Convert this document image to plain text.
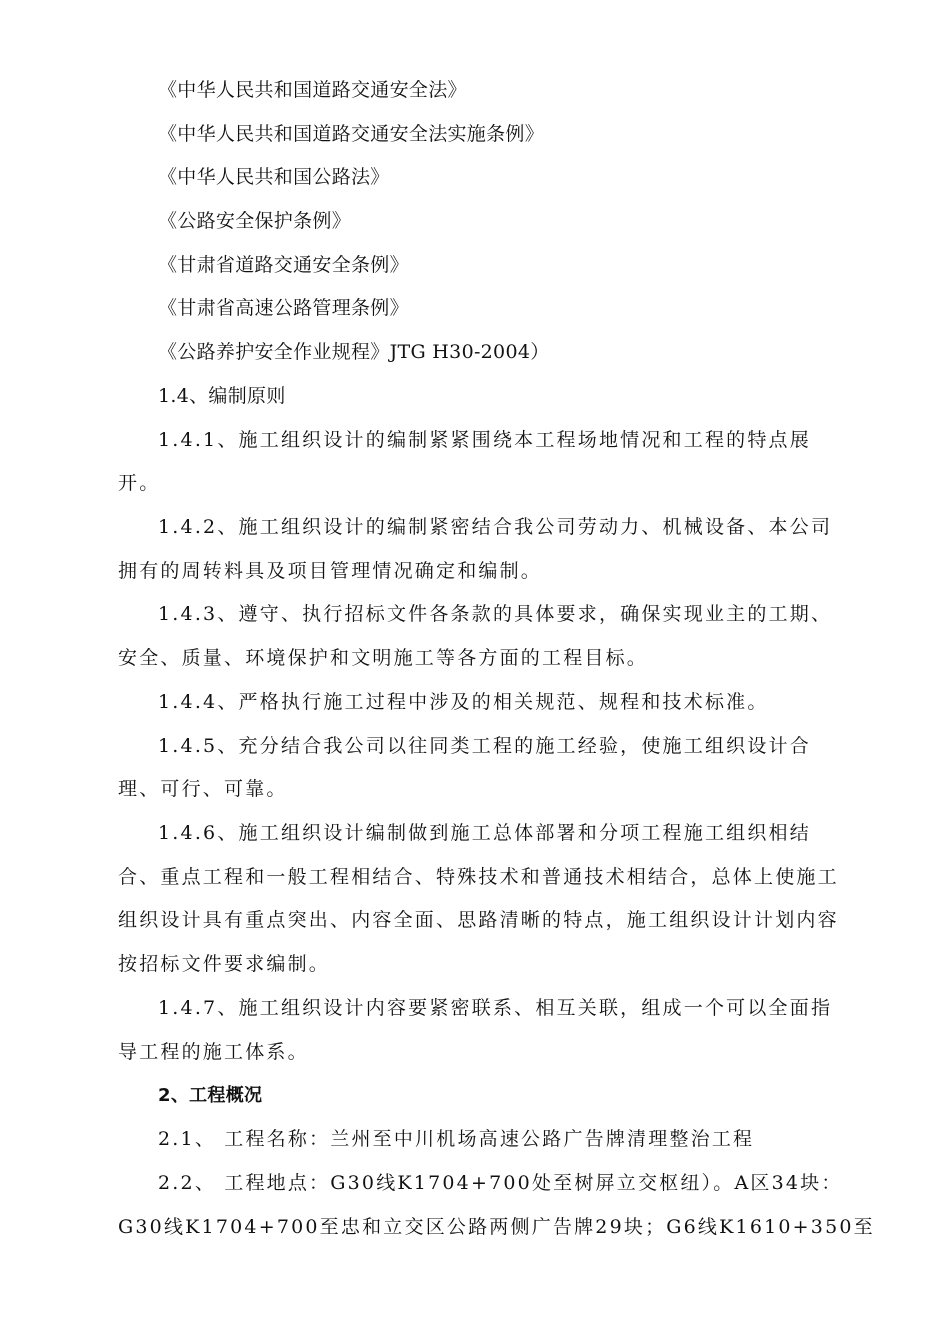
《中华人民共和国道路交通安全法》
《中华人民共和国道路交通安全法实施条例》
《中华人民共和国公路法》
《公路安全保护条例》
《甘肃省道路交通安全条例》
《甘肃省高速公路管理条例》
《公路养护安全作业规程》JTG H30-2004）
1.4、编制原则
1.4.1、施工组织设计的编制紧紧围绕本工程场地情况和工程的特点展
开。
1.4.2、施工组织设计的编制紧密结合我公司劳动力、机械设备、本公司
拥有的周转料具及项目管理情况确定和编制。
1.4.3、遵守、执行招标文件各条款的具体要求，确保实现业主的工期、
安全、质量、环境保护和文明施工等各方面的工程目标。
1.4.4、严格执行施工过程中涉及的相关规范、规程和技术标准。
1.4.5、充分结合我公司以往同类工程的施工经验，使施工组织设计合
理、可行、可靠。
1.4.6、施工组织设计编制做到施工总体部署和分项工程施工组织相结
合、重点工程和一般工程相结合、特殊技术和普通技术相结合，总体上使施工
组织设计具有重点突出、内容全面、思路清晰的特点，施工组织设计计划内容
按招标文件要求编制。
1.4.7、施工组织设计内容要紧密联系、相互关联，组成一个可以全面指
导工程的施工体系。
2、工程概况
2.1、 工程名称：兰州至中川机场高速公路广告牌清理整治工程
2.2、 工程地点：G30线K1704+700处至树屏立交枢纽）。A区34块：
G30线K1704+700至忠和立交区公路两侧广告牌29块；G6线K1610+350至
